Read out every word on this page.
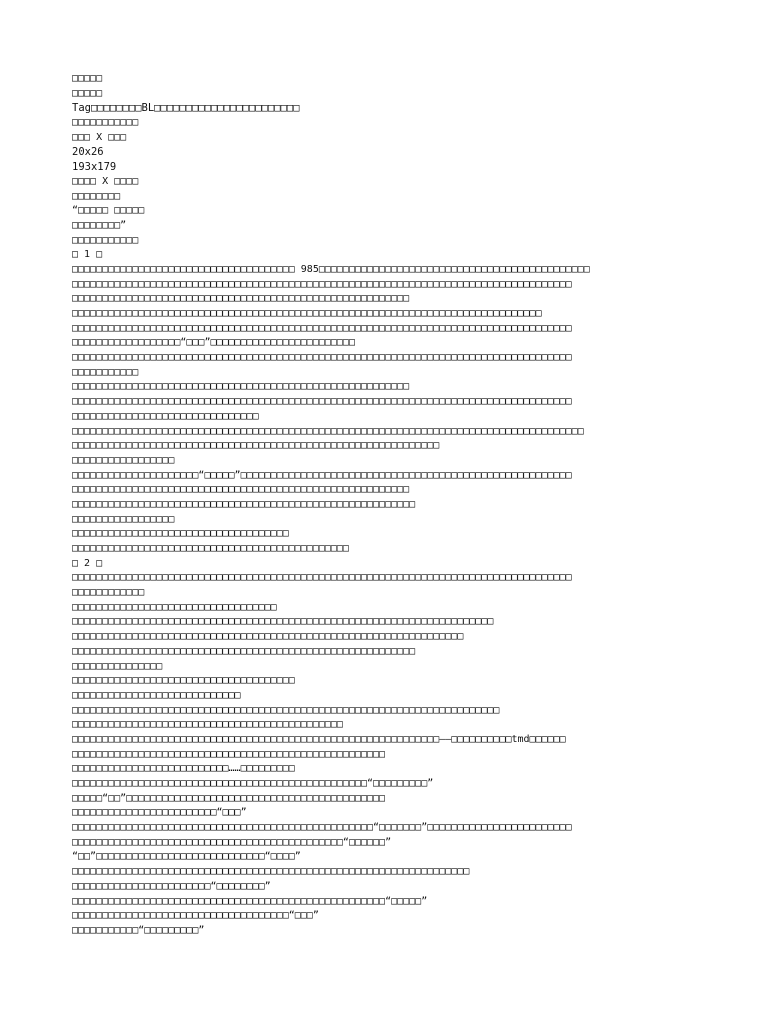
□□□□□
□□□□□
Tag□□□□□□□□BL□□□□□□□□□□□□□□□□□□□□□□□
□□□□□□□□□□□
□□□ X □□□
20x26
193x179
□□□□ X □□□□
□□□□□□□□
“□□□□□ □□□□□
□□□□□□□□”
□□□□□□□□□□□
□ 1 □
□□□□□□□□□□□□□□□□□□□□□□□□□□□□□□□□□□□□□ 985□□□□□□□□□□□□□□□□□□□□□□□□□□□□□□□□□□□□□□□□□□□□□
□□□□□□□□□□□□□□□□□□□□□□□□□□□□□□□□□□□□□□□□□□□□□□□□□□□□□□□□□□□□□□□□□□□□□□□□□□□□□□□□□□□
□□□□□□□□□□□□□□□□□□□□□□□□□□□□□□□□□□□□□□□□□□□□□□□□□□□□□□□□
□□□□□□□□□□□□□□□□□□□□□□□□□□□□□□□□□□□□□□□□□□□□□□□□□□□□□□□□□□□□□□□□□□□□□□□□□□□□□□
□□□□□□□□□□□□□□□□□□□□□□□□□□□□□□□□□□□□□□□□□□□□□□□□□□□□□□□□□□□□□□□□□□□□□□□□□□□□□□□□□□□
□□□□□□□□□□□□□□□□□□“□□□”□□□□□□□□□□□□□□□□□□□□□□□□
□□□□□□□□□□□□□□□□□□□□□□□□□□□□□□□□□□□□□□□□□□□□□□□□□□□□□□□□□□□□□□□□□□□□□□□□□□□□□□□□□□□
□□□□□□□□□□□
□□□□□□□□□□□□□□□□□□□□□□□□□□□□□□□□□□□□□□□□□□□□□□□□□□□□□□□□
□□□□□□□□□□□□□□□□□□□□□□□□□□□□□□□□□□□□□□□□□□□□□□□□□□□□□□□□□□□□□□□□□□□□□□□□□□□□□□□□□□□
□□□□□□□□□□□□□□□□□□□□□□□□□□□□□□□
□□□□□□□□□□□□□□□□□□□□□□□□□□□□□□□□□□□□□□□□□□□□□□□□□□□□□□□□□□□□□□□□□□□□□□□□□□□□□□□□□□□□□
□□□□□□□□□□□□□□□□□□□□□□□□□□□□□□□□□□□□□□□□□□□□□□□□□□□□□□□□□□□□□
□□□□□□□□□□□□□□□□□
□□□□□□□□□□□□□□□□□□□□□“□□□□□”□□□□□□□□□□□□□□□□□□□□□□□□□□□□□□□□□□□□□□□□□□□□□□□□□□□□□□□
□□□□□□□□□□□□□□□□□□□□□□□□□□□□□□□□□□□□□□□□□□□□□□□□□□□□□□□□
□□□□□□□□□□□□□□□□□□□□□□□□□□□□□□□□□□□□□□□□□□□□□□□□□□□□□□□□□
□□□□□□□□□□□□□□□□□
□□□□□□□□□□□□□□□□□□□□□□□□□□□□□□□□□□□□
□□□□□□□□□□□□□□□□□□□□□□□□□□□□□□□□□□□□□□□□□□□□□□
□ 2 □
□□□□□□□□□□□□□□□□□□□□□□□□□□□□□□□□□□□□□□□□□□□□□□□□□□□□□□□□□□□□□□□□□□□□□□□□□□□□□□□□□□□
□□□□□□□□□□□□
□□□□□□□□□□□□□□□□□□□□□□□□□□□□□□□□□□
□□□□□□□□□□□□□□□□□□□□□□□□□□□□□□□□□□□□□□□□□□□□□□□□□□□□□□□□□□□□□□□□□□□□□□
□□□□□□□□□□□□□□□□□□□□□□□□□□□□□□□□□□□□□□□□□□□□□□□□□□□□□□□□□□□□□□□□□
□□□□□□□□□□□□□□□□□□□□□□□□□□□□□□□□□□□□□□□□□□□□□□□□□□□□□□□□□
□□□□□□□□□□□□□□□
□□□□□□□□□□□□□□□□□□□□□□□□□□□□□□□□□□□□□
□□□□□□□□□□□□□□□□□□□□□□□□□□□□
□□□□□□□□□□□□□□□□□□□□□□□□□□□□□□□□□□□□□□□□□□□□□□□□□□□□□□□□□□□□□□□□□□□□□□□
□□□□□□□□□□□□□□□□□□□□□□□□□□□□□□□□□□□□□□□□□□□□□
□□□□□□□□□□□□□□□□□□□□□□□□□□□□□□□□□□□□□□□□□□□□□□□□□□□□□□□□□□□□□——□□□□□□□□□□tmd□□□□□□
□□□□□□□□□□□□□□□□□□□□□□□□□□□□□□□□□□□□□□□□□□□□□□□□□□□□
□□□□□□□□□□□□□□□□□□□□□□□□□□……□□□□□□□□□
□□□□□□□□□□□□□□□□□□□□□□□□□□□□□□□□□□□□□□□□□□□□□□□□□“□□□□□□□□□”
□□□□□“□□”□□□□□□□□□□□□□□□□□□□□□□□□□□□□□□□□□□□□□□□□□□□
□□□□□□□□□□□□□□□□□□□□□□□□“□□□”
□□□□□□□□□□□□□□□□□□□□□□□□□□□□□□□□□□□□□□□□□□□□□□□□□□“□□□□□□□”□□□□□□□□□□□□□□□□□□□□□□□□
□□□□□□□□□□□□□□□□□□□□□□□□□□□□□□□□□□□□□□□□□□□□□“□□□□□□”
“□□”□□□□□□□□□□□□□□□□□□□□□□□□□□□□“□□□□”
□□□□□□□□□□□□□□□□□□□□□□□□□□□□□□□□□□□□□□□□□□□□□□□□□□□□□□□□□□□□□□□□□□
□□□□□□□□□□□□□□□□□□□□□□□“□□□□□□□□”
□□□□□□□□□□□□□□□□□□□□□□□□□□□□□□□□□□□□□□□□□□□□□□□□□□□□“□□□□□”
□□□□□□□□□□□□□□□□□□□□□□□□□□□□□□□□□□□□“□□□”
□□□□□□□□□□□“□□□□□□□□□”
